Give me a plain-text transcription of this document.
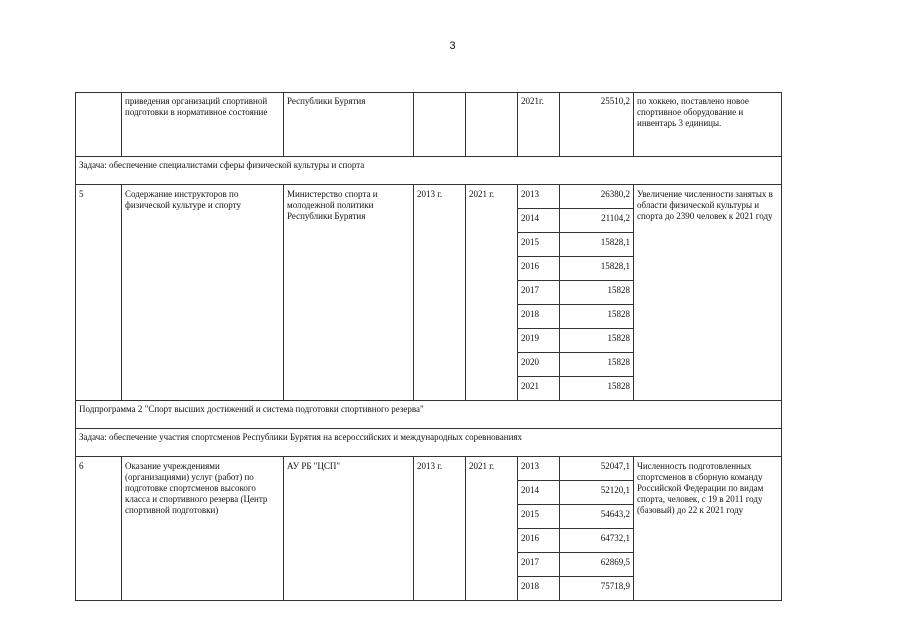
3
	приведения организаций спортивной подготовки в нормативное состояние	Республики Бурятия			2021г.	25510,2	по хоккею, поставлено новое спортивное оборудование и инвентарь 3 единицы.
Задача: обеспечение специалистами сферы физической культуры и спорта							
5	Содержание инструкторов по физической культуре и спорту	Министерство спорта и молодежной политики Республики Бурятия	2013 г.	2021 г.	2013	26380,2	Увеличение численности занятых в области физической культуры и спорта до 2390 человек к 2021 году
					2014	21104,2	
					2015	15828,1	
					2016	15828,1	
					2017	15828	
					2018	15828	
					2019	15828	
					2020	15828	
					2021	15828	
Подпрограмма 2 "Спорт высших достижений и система подготовки спортивного резерва"							
Задача: обеспечение участия спортсменов Республики Бурятия на всероссийских и международных соревнованиях							
6	Оказание учреждениями (организациями) услуг (работ) по подготовке спортсменов высокого класса и спортивного резерва (Центр спортивной подготовки)	АУ РБ "ЦСП"	2013 г.	2021 г.	2013	52047,1	Численность подготовленных спортсменов в сборную команду Российской Федерации по видам спорта, человек, с 19 в 2011 году (базовый) до 22 к 2021 году
					2014	52120,1	
					2015	54643,2	
					2016	64732,1	
					2017	62869,5	
					2018	75718,9	
